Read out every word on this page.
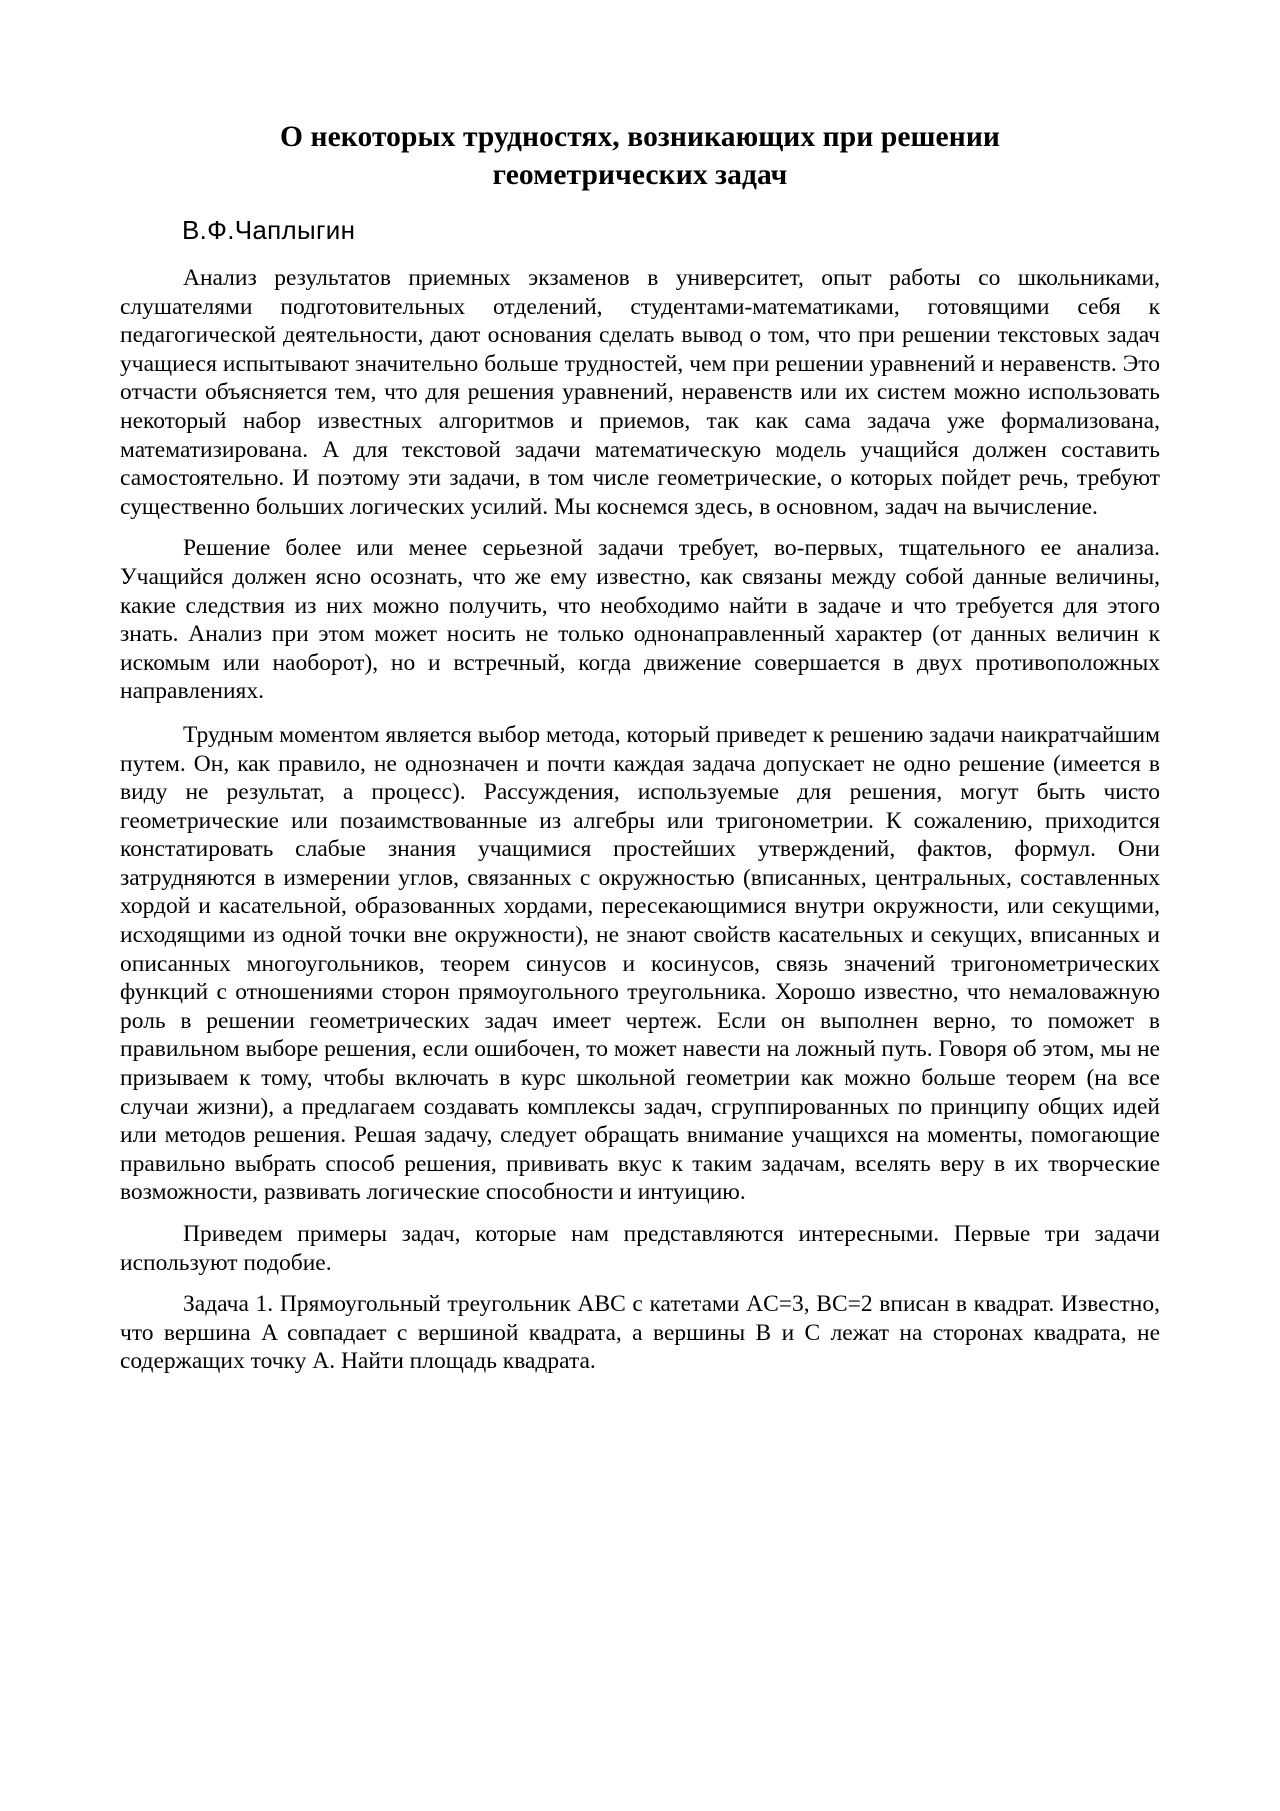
О некоторых трудностях, возникающих при решении
геометрических задач
В.Ф.Чаплыгин

Анализ результатов приемных экзаменов в университет, опыт работы со школьниками, слушателями подготовительных отделений, студентами-математиками, готовящими себя к педагогической деятельности, дают основания сделать вывод о том, что при решении текстовых задач учащиеся испытывают значительно больше трудностей, чем при решении уравнений и неравенств. Это отчасти объясняется тем, что для решения уравнений, неравенств или их систем можно использовать некоторый набор известных алгоритмов и приемов, так как сама задача уже формализована, математизирована. А для текстовой задачи математическую модель учащийся должен составить самостоятельно. И поэтому эти задачи, в том числе геометрические, о которых пойдет речь, требуют существенно больших логических усилий. Мы коснемся здесь, в основном, задач на вычисление.

Решение более или менее серьезной задачи требует, во-первых, тщательного ее анализа. Учащийся должен ясно осознать, что же ему известно, как связаны между собой данные величины, какие следствия из них можно получить, что необходимо найти в задаче и что требуется для этого знать. Анализ при этом может носить не только однонаправленный характер (от данных величин к искомым или наоборот), но и встречный, когда движение совершается в двух противоположных направлениях.

Трудным моментом является выбор метода, который приведет к решению задачи наикратчайшим путем. Он, как правило, не однозначен и почти каждая задача допускает не одно решение (имеется в виду не результат, а процесс). Рассуждения, используемые для решения, могут быть чисто геометрические или позаимствованные из алгебры или тригонометрии. К сожалению, приходится констатировать слабые знания учащимися простейших утверждений, фактов, формул. Они затрудняются в измерении углов, связанных с окружностью (вписанных, центральных, составленных хордой и касательной, образованных хордами, пересекающимися внутри окружности, или секущими, исходящими из одной точки вне окружности), не знают свойств касательных и секущих, вписанных и описанных многоугольников, теорем синусов и косинусов, связь значений тригонометрических функций с отношениями сторон прямоугольного треугольника. Хорошо известно, что немаловажную роль в решении геометрических задач имеет чертеж. Если он выполнен верно, то поможет в правильном выборе решения, если ошибочен, то может навести на ложный путь. Говоря об этом, мы не призываем к тому, чтобы включать в курс школьной геометрии как можно больше теорем (на все случаи жизни), а предлагаем создавать комплексы задач, сгруппированных по принципу общих идей или методов решения. Решая задачу, следует обращать внимание учащихся на моменты, помогающие правильно выбрать способ решения, прививать вкус к таким задачам, вселять веру в их творческие возможности, развивать логические способности и интуицию.

Приведем примеры задач, которые нам представляются интересными. Первые три задачи используют подобие.

Задача 1. Прямоугольный треугольник ABC с катетами AC=3, BC=2 вписан в квадрат. Известно, что вершина A совпадает с вершиной квадрата, а вершины B и C лежат на сторонах квадрата, не содержащих точку A. Найти площадь квадрата.
